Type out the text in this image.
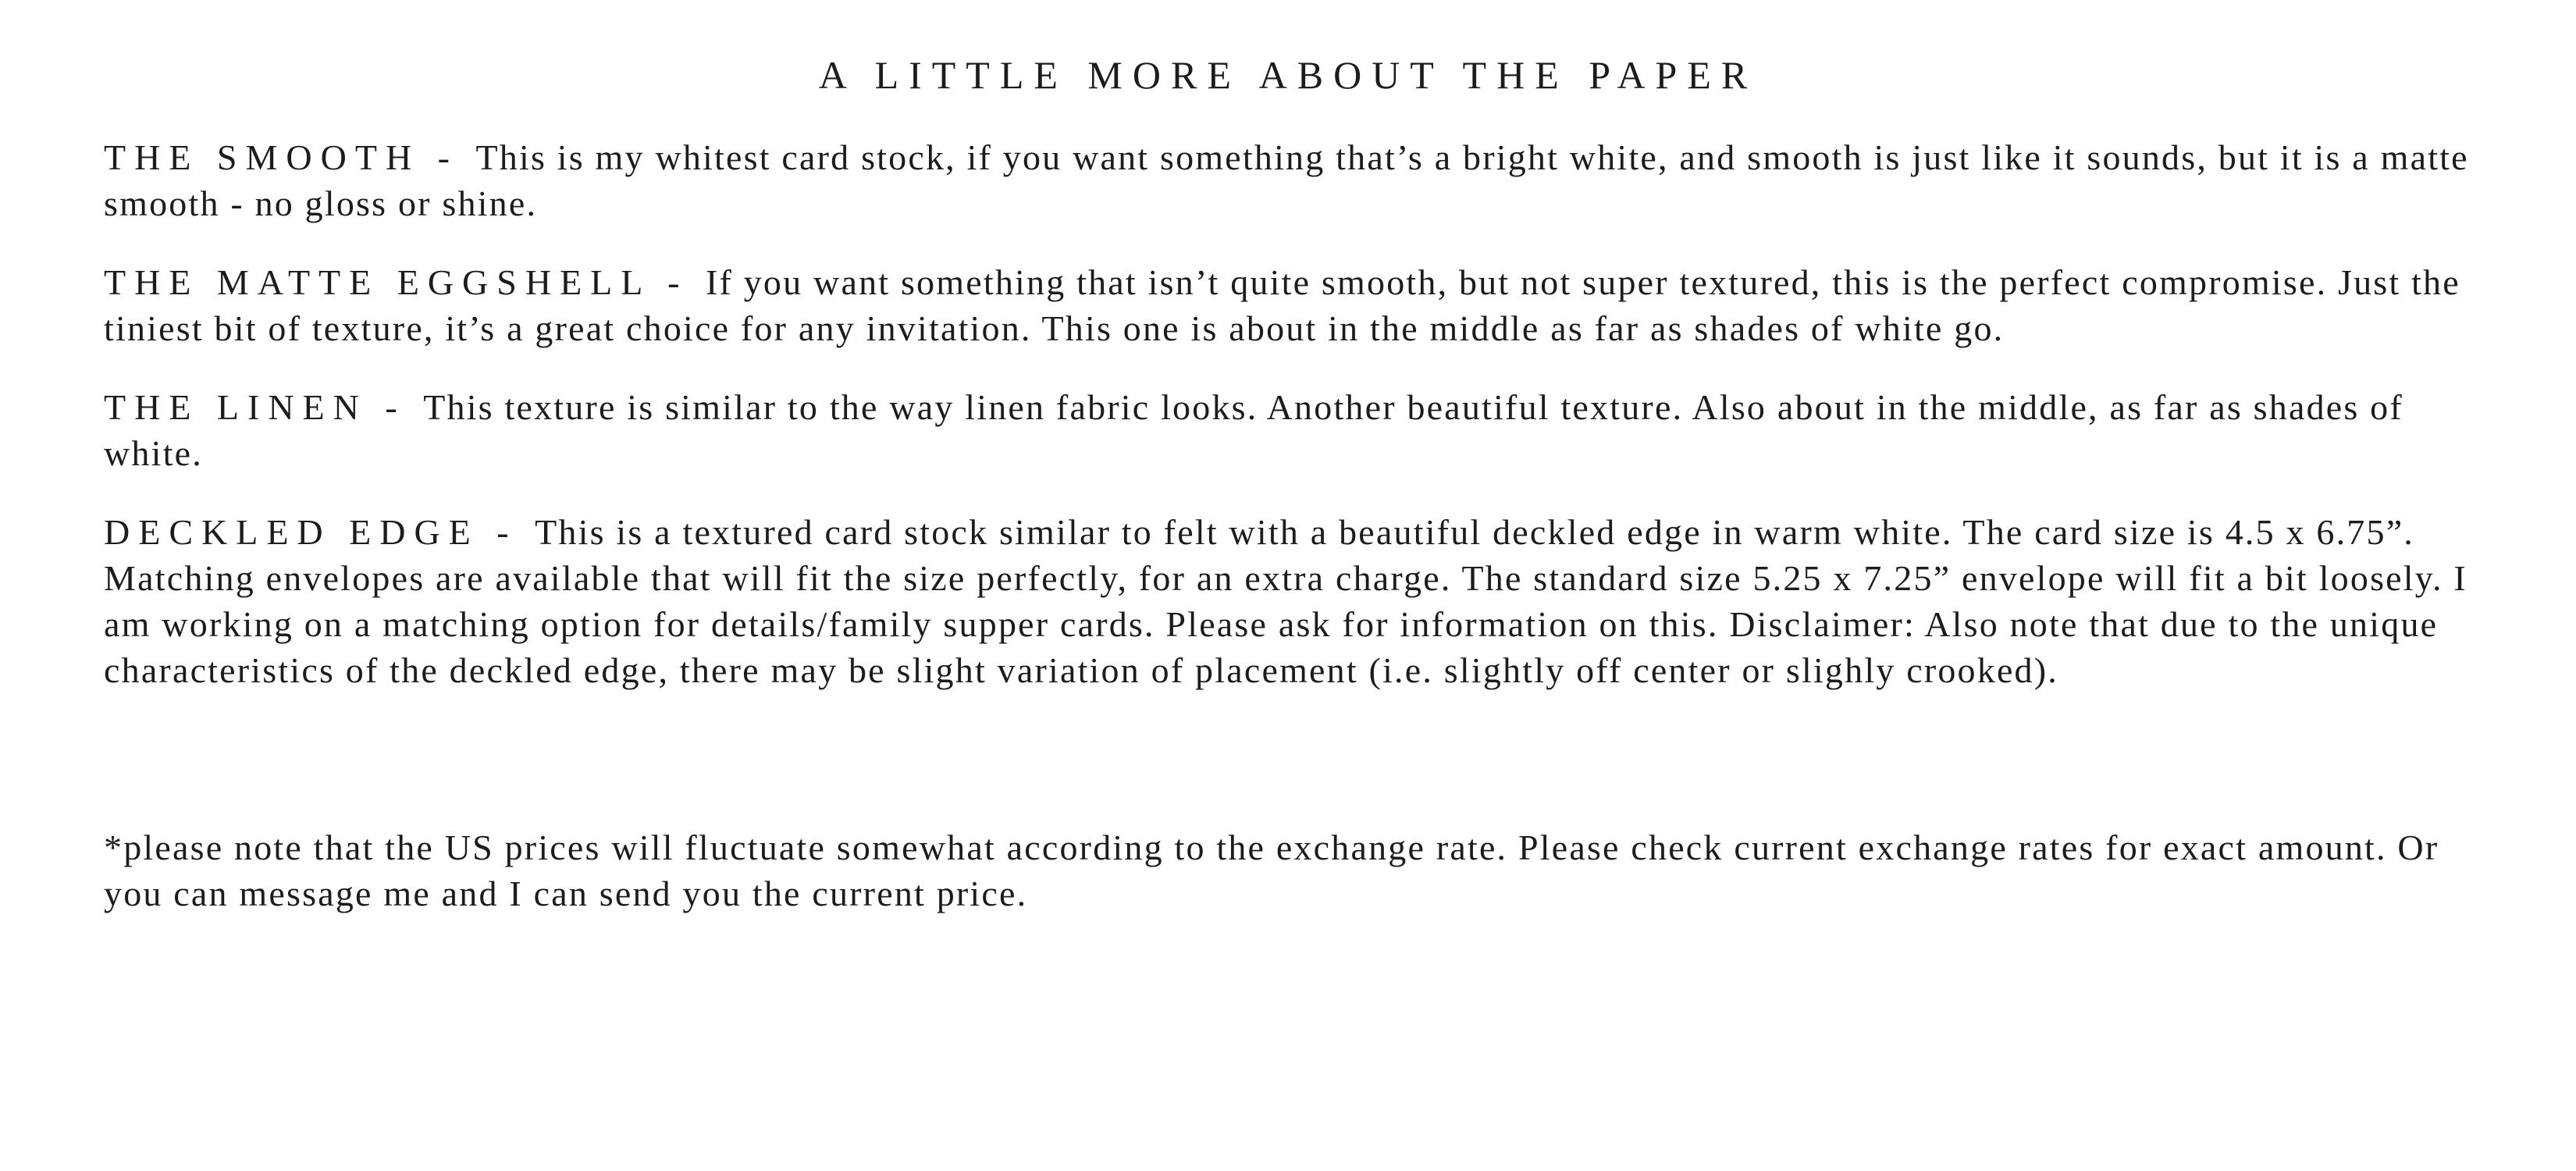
A LITTLE MORE ABOUT THE PAPER

THE SMOOTH - This is my whitest card stock, if you want something that’s a bright white, and smooth is just like it sounds, but it is a matte smooth - no gloss or shine.

THE MATTE EGGSHELL - If you want something that isn’t quite smooth, but not super textured, this is the perfect compromise. Just the tiniest bit of texture, it’s a great choice for any invitation. This one is about in the middle as far as shades of white go.

THE LINEN - This texture is similar to the way linen fabric looks. Another beautiful texture. Also about in the middle, as far as shades of white.

DECKLED EDGE - This is a textured card stock similar to felt with a beautiful deckled edge in warm white. The card size is 4.5 x 6.75”. Matching envelopes are available that will fit the size perfectly, for an extra charge. The standard size 5.25 x 7.25” envelope will fit a bit loosely. I am working on a matching option for details/family supper cards. Please ask for information on this. Disclaimer: Also note that due to the unique characteristics of the deckled edge, there may be slight variation of placement (i.e. slightly off center or slighly crooked).

*please note that the US prices will fluctuate somewhat according to the exchange rate. Please check current exchange rates for exact amount. Or you can message me and I can send you the current price.
